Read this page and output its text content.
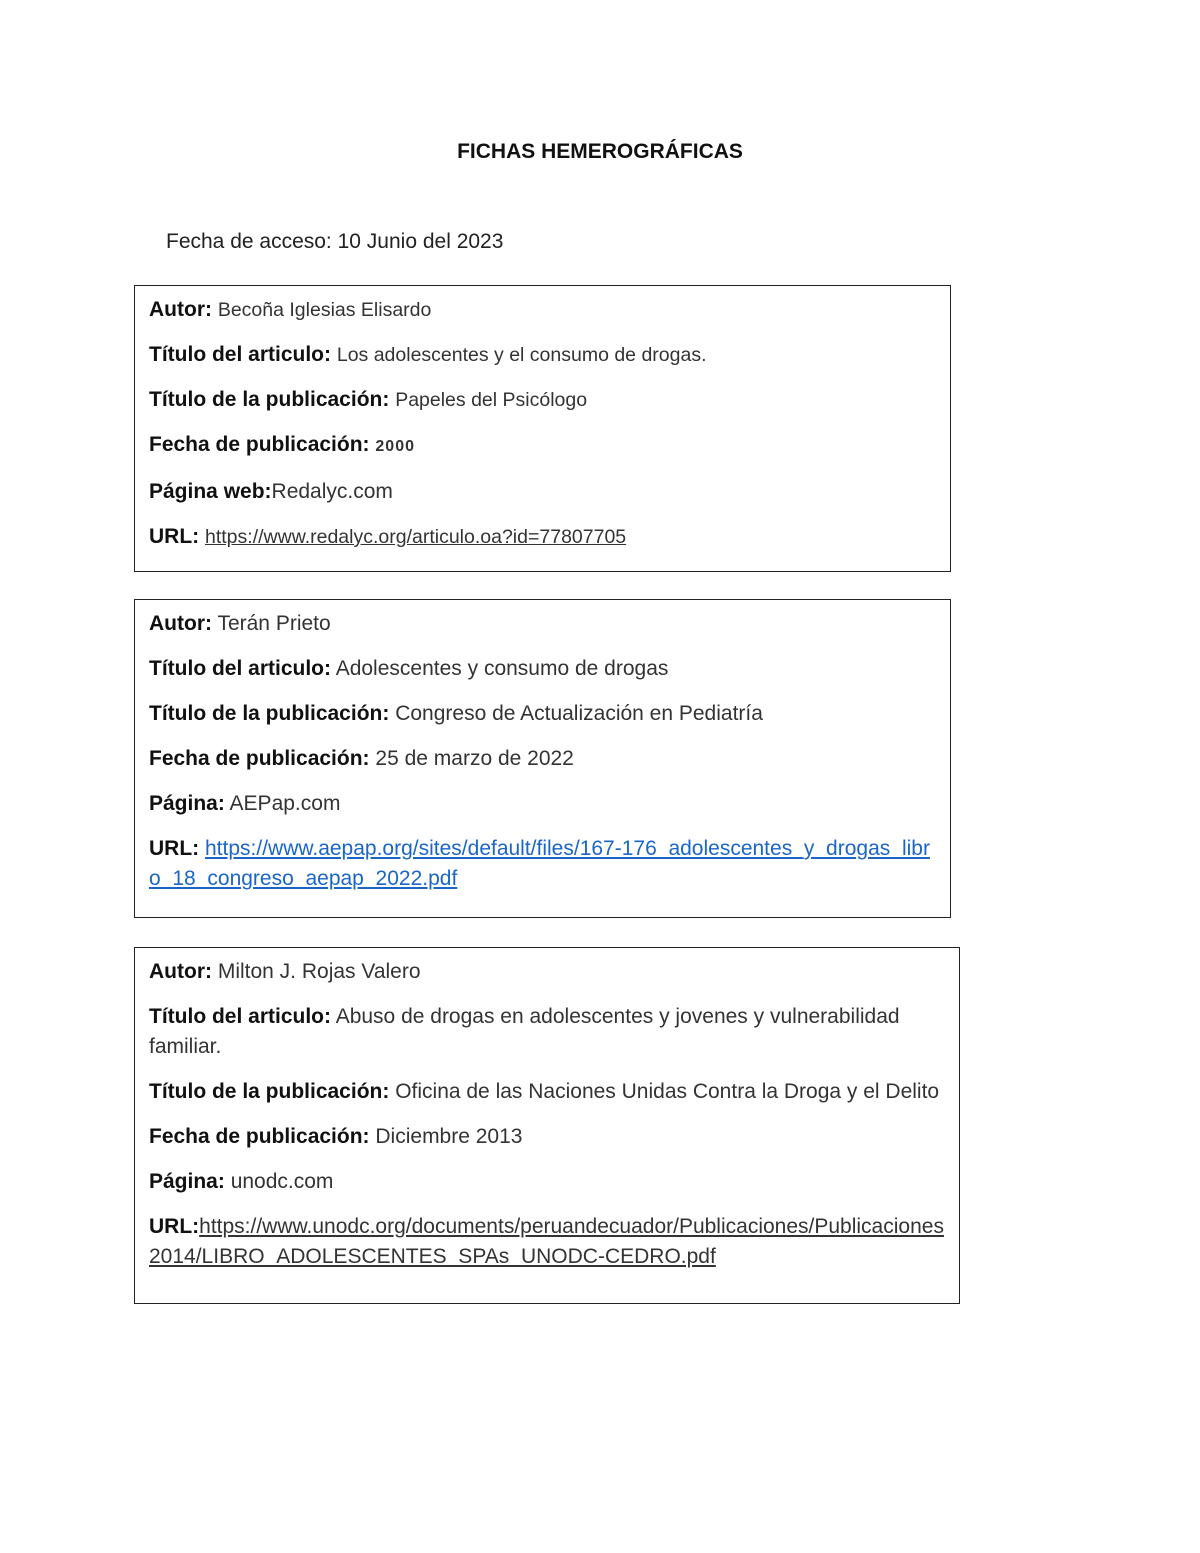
FICHAS HEMEROGRÁFICAS
Fecha de acceso: 10 Junio del 2023
Autor: Becoña Iglesias Elisardo
Título del articulo: Los adolescentes y el consumo de drogas.
Título de la publicación: Papeles del Psicólogo
Fecha de publicación: 2000
Página web:Redalyc.com
URL: https://www.redalyc.org/articulo.oa?id=77807705
Autor: Terán Prieto
Título del articulo: Adolescentes y consumo de drogas
Título de la publicación: Congreso de Actualización en Pediatría
Fecha de publicación: 25 de marzo de 2022
Página: AEPap.com
URL: https://www.aepap.org/sites/default/files/167-176_adolescentes_y_drogas_libro_18_congreso_aepap_2022.pdf
Autor: Milton J. Rojas Valero
Título del articulo: Abuso de drogas en adolescentes y jovenes y vulnerabilidad familiar.
Título de la publicación: Oficina de las Naciones Unidas Contra la Droga y el Delito
Fecha de publicación: Diciembre 2013
Página: unodc.com
URL:https://www.unodc.org/documents/peruandecuador/Publicaciones/Publicaciones2014/LIBRO_ADOLESCENTES_SPAs_UNODC-CEDRO.pdf
